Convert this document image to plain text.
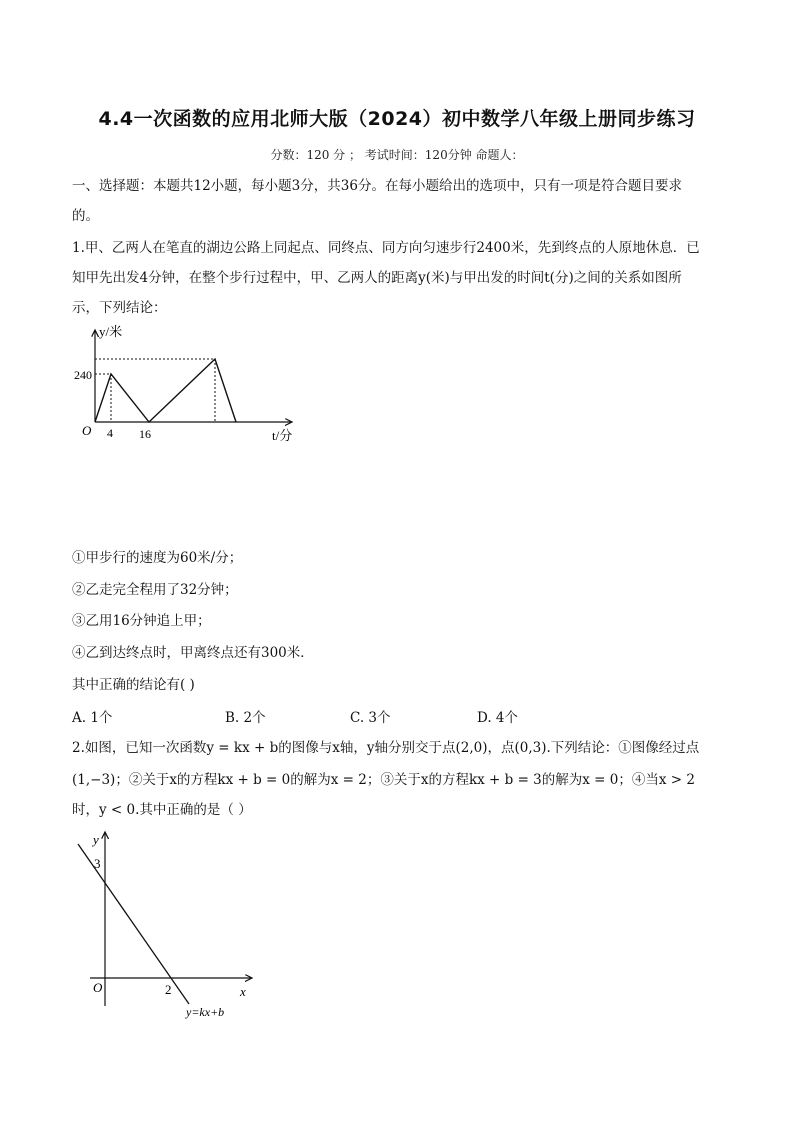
4.4一次函数的应用北师大版（2024）初中数学八年级上册同步练习
分数：120 分 ； 考试时间：120分钟 命题人：
一、选择题：本题共12小题，每小题3分，共36分。在每小题给出的选项中，只有一项是符合题目要求
的。
1.甲、乙两人在笔直的湖边公路上同起点、同终点、同方向匀速步行2400米，先到终点的人原地休息．已
知甲先出发4分钟，在整个步行过程中，甲、乙两人的距离y(米)与甲出发的时间t(分)之间的关系如图所
示，下列结论：
y/米
240
O 4 16	t/分
①甲步行的速度为60米/分；
②乙走完全程用了32分钟；
③乙用16分钟追上甲；
④乙到达终点时，甲离终点还有300米．
其中正确的结论有( )
A. 1个	B. 2个	C. 3个	D. 4个
2.如图，已知一次函数y = kx + b的图像与x轴，y轴分别交于点(2,0)，点(0,3).下列结论：①图像经过点
(1,−3)；②关于x的方程kx + b = 0的解为x = 2；③关于x的方程kx + b = 3的解为x = 0；④当x > 2
时，y < 0.其中正确的是（ ）
y
3
O	2	x
y=kx+b
